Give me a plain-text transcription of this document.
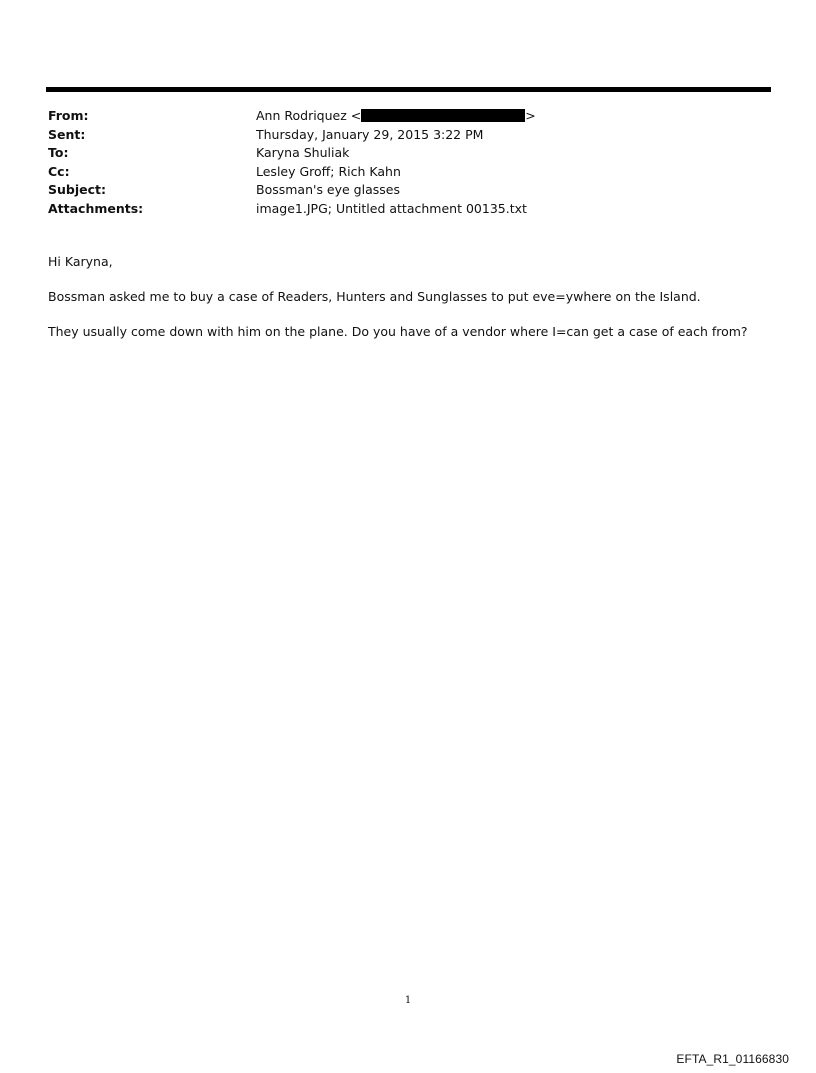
From:	Ann Rodriquez <	>
Sent:	Thursday, January 29, 2015 3:22 PM
To:	Karyna Shuliak
Cc:	Lesley Groff; Rich Kahn
Subject:	Bossman's eye glasses
Attachments:	image1.JPG; Untitled attachment 00135.txt

Hi Karyna,

Bossman asked me to buy a case of Readers, Hunters and Sunglasses to put eve=ywhere on the Island.

They usually come down with him on the plane. Do you have of a vendor where I=can get a case of each from?

1
EFTA_R1_01166830
